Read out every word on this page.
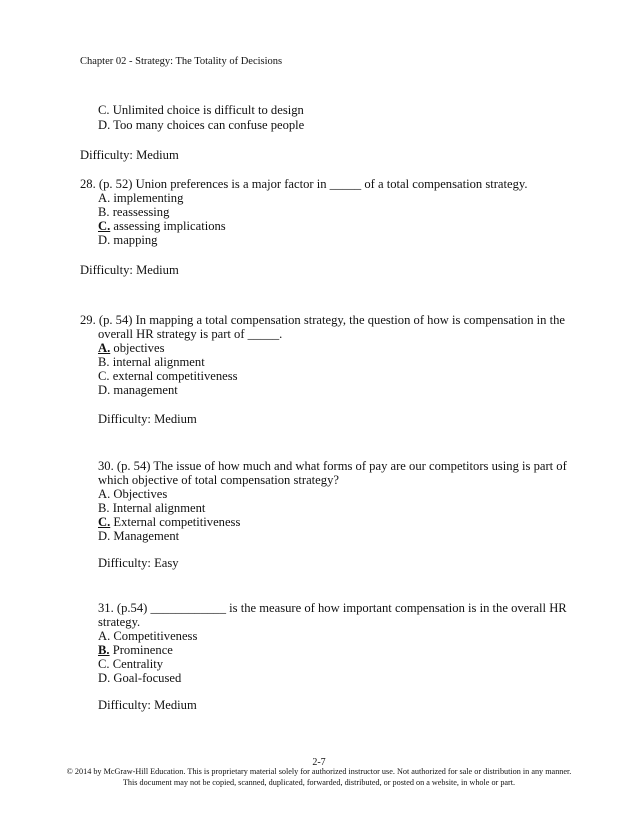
Chapter 02 - Strategy: The Totality of Decisions
C. Unlimited choice is difficult to design
D. Too many choices can confuse people
Difficulty: Medium
28. (p. 52) Union preferences is a major factor in _____ of a total compensation strategy.
A. implementing
B. reassessing
C. assessing implications
D. mapping
Difficulty: Medium
29. (p. 54) In mapping a total compensation strategy, the question of how is compensation in the
overall HR strategy is part of _____.
A. objectives
B. internal alignment
C. external competitiveness
D. management
Difficulty: Medium
30. (p. 54) The issue of how much and what forms of pay are our competitors using is part of
which objective of total compensation strategy?
A. Objectives
B. Internal alignment
C. External competitiveness
D. Management
Difficulty: Easy
31. (p.54) ____________ is the measure of how important compensation is in the overall HR
strategy.
A. Competitiveness
B. Prominence
C. Centrality
D. Goal-focused
Difficulty: Medium
2-7
© 2014 by McGraw-Hill Education. This is proprietary material solely for authorized instructor use. Not authorized for sale or distribution in any manner. This document may not be copied, scanned, duplicated, forwarded, distributed, or posted on a website, in whole or part.
